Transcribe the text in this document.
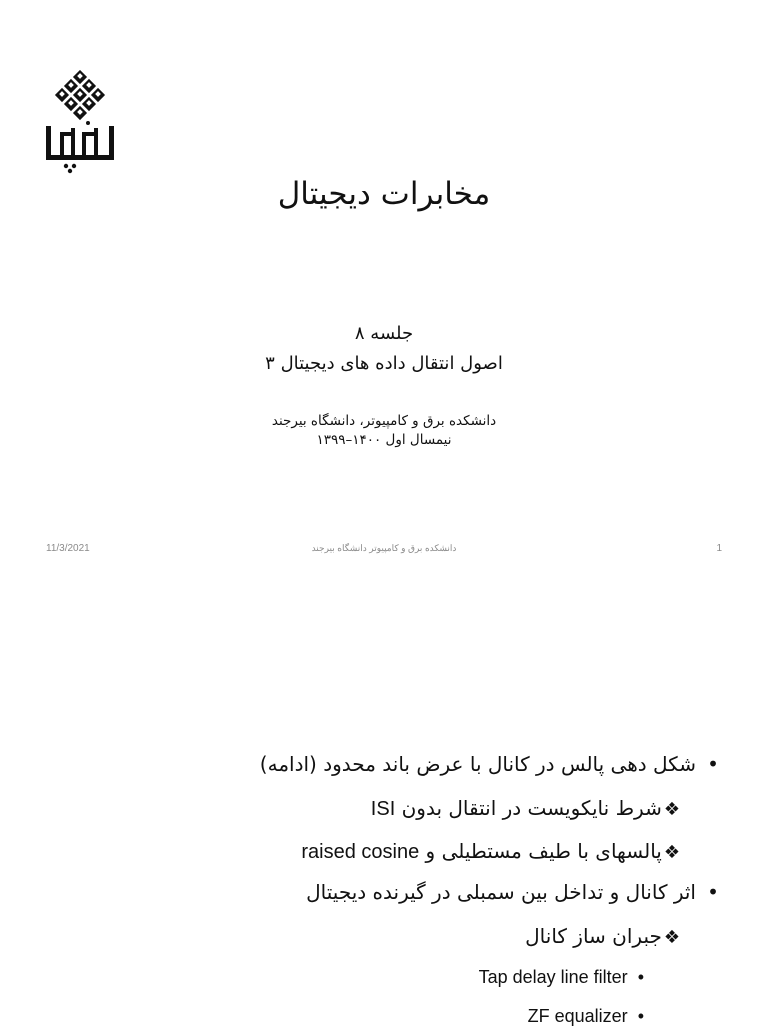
مخابرات دیجیتال
جلسه ۸
اصول انتقال داده های دیجیتال ۳
دانشکده برق و کامپیوتر، دانشگاه بیرجند
نیمسال اول ۱۴۰۰–۱۳۹۹
11/3/2021	دانشکده برق و کامپیوتر دانشگاه بیرجند	1
•شکل دهی پالس در کانال با عرض باند محدود (ادامه)
❖شرط نایکویست در انتقال بدون ISI
❖پالسهای با طیف مستطیلی و raised cosine
•اثر کانال و تداخل بین سمبلی در گیرنده دیجیتال
❖جبران ساز کانال
Tap delay line filter •
ZF equalizer •
